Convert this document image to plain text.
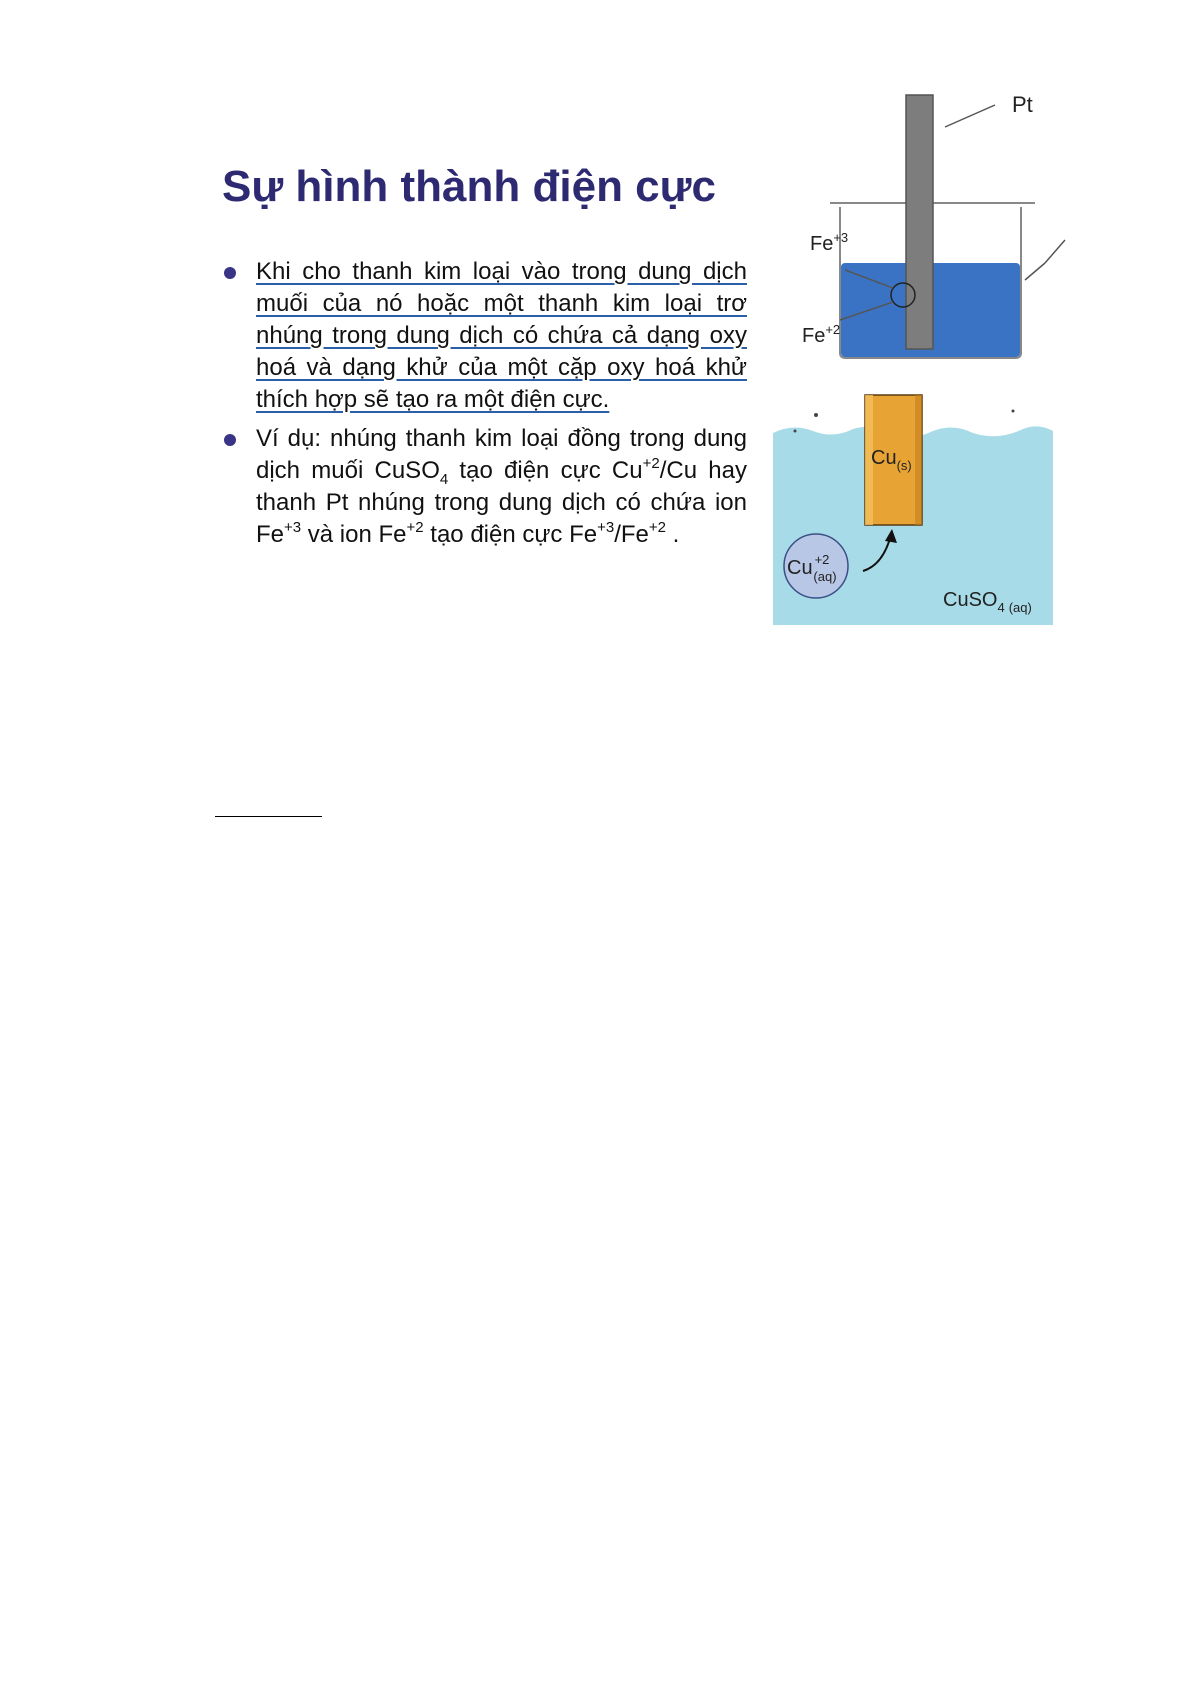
Sự hình thành điện cực
Khi cho thanh kim loại vào trong dung dịch muối của nó hoặc một thanh kim loại trơ nhúng trong dung dịch có chứa cả dạng oxy hoá và dạng khử của một cặp oxy hoá khử thích hợp sẽ tạo ra một điện cực.
Ví dụ: nhúng thanh kim loại đồng trong dung dịch muối CuSO$_4$ tạo điện cực $Cu^{+2}/Cu$ hay thanh Pt nhúng trong dung dịch có chứa ion $Fe^{+3}$ và ion $Fe^{+2}$ tạo điện cực $Fe^{+3}/Fe^{+2}$ .
Pt
$Fe^{+3}$
$Fe^{+2}$
$Cu_{(s)}$
Cu $^{+2}$ (aq)
CuSO$_4$ (aq)
